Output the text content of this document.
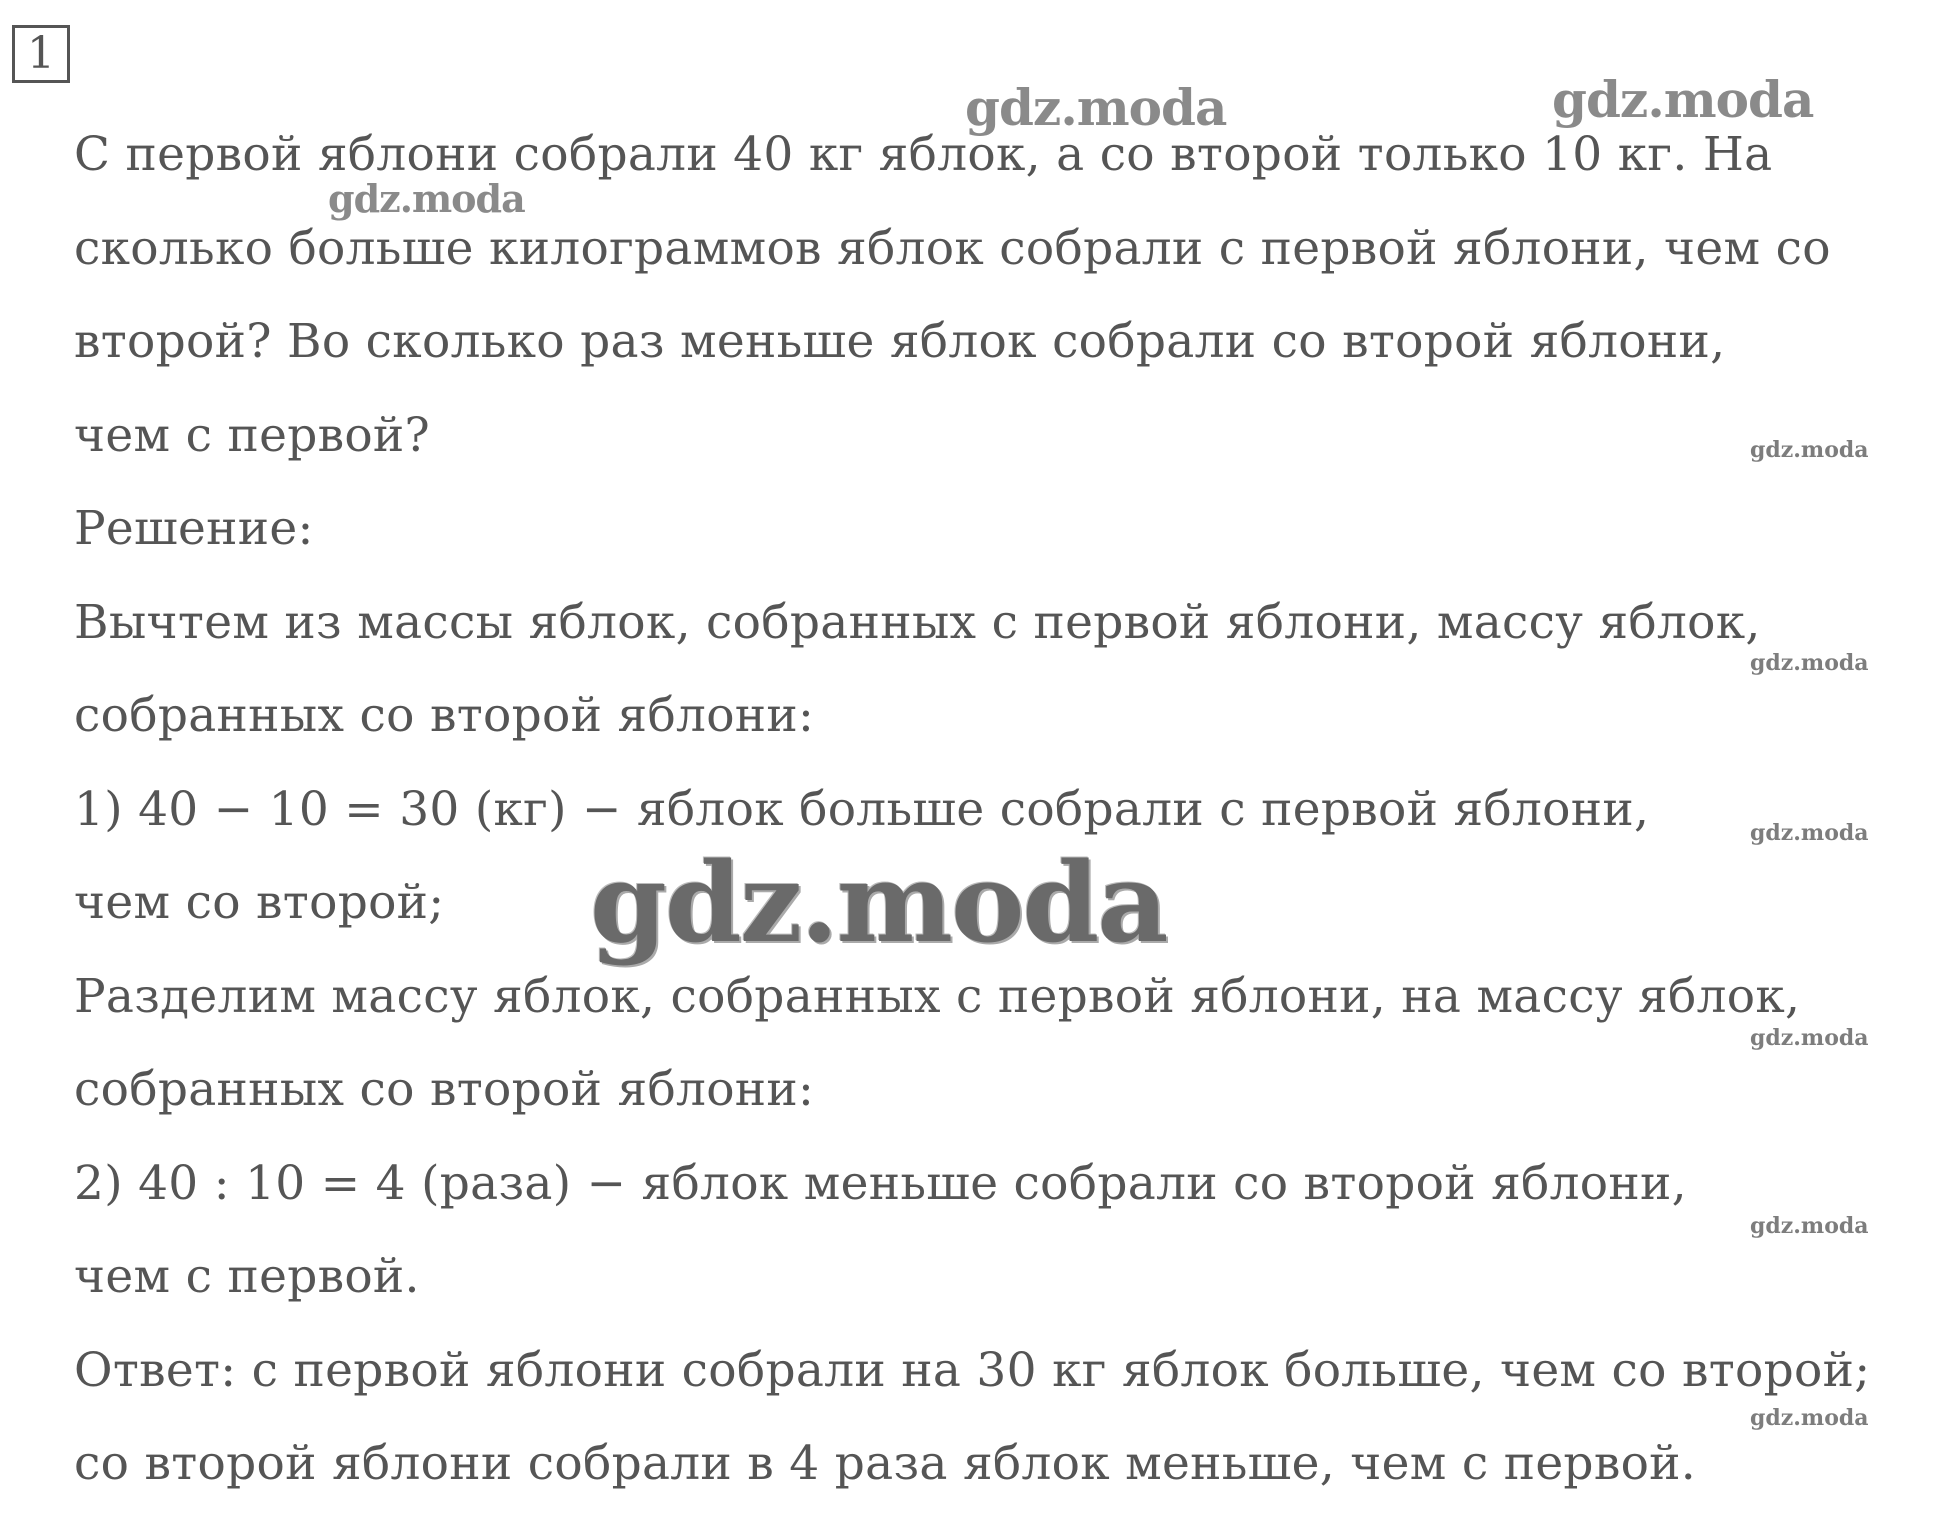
1
С первой яблони собрали 40 кг яблок, а со второй только 10 кг. На
сколько больше килограммов яблок собрали с первой яблони, чем со
второй? Во сколько раз меньше яблок собрали со второй яблони,
чем с первой?
Решение:
Вычтем из массы яблок, собранных с первой яблони, массу яблок,
собранных со второй яблони:
1) 40 − 10 = 30 (кг) − яблок больше собрали с первой яблони,
чем со второй;
Разделим массу яблок, собранных с первой яблони, на массу яблок,
собранных со второй яблони:
2) 40 : 10 = 4 (раза) − яблок меньше собрали со второй яблони,
чем с первой.
Ответ: с первой яблони собрали на 30 кг яблок больше, чем со второй;
со второй яблони собрали в 4 раза яблок меньше, чем с первой.
gdz.moda	gdz.moda
gdz.moda
gdz.moda
gdz.moda
gdz.moda
gdz.moda
gdz.moda
gdz.moda
gdz.moda
